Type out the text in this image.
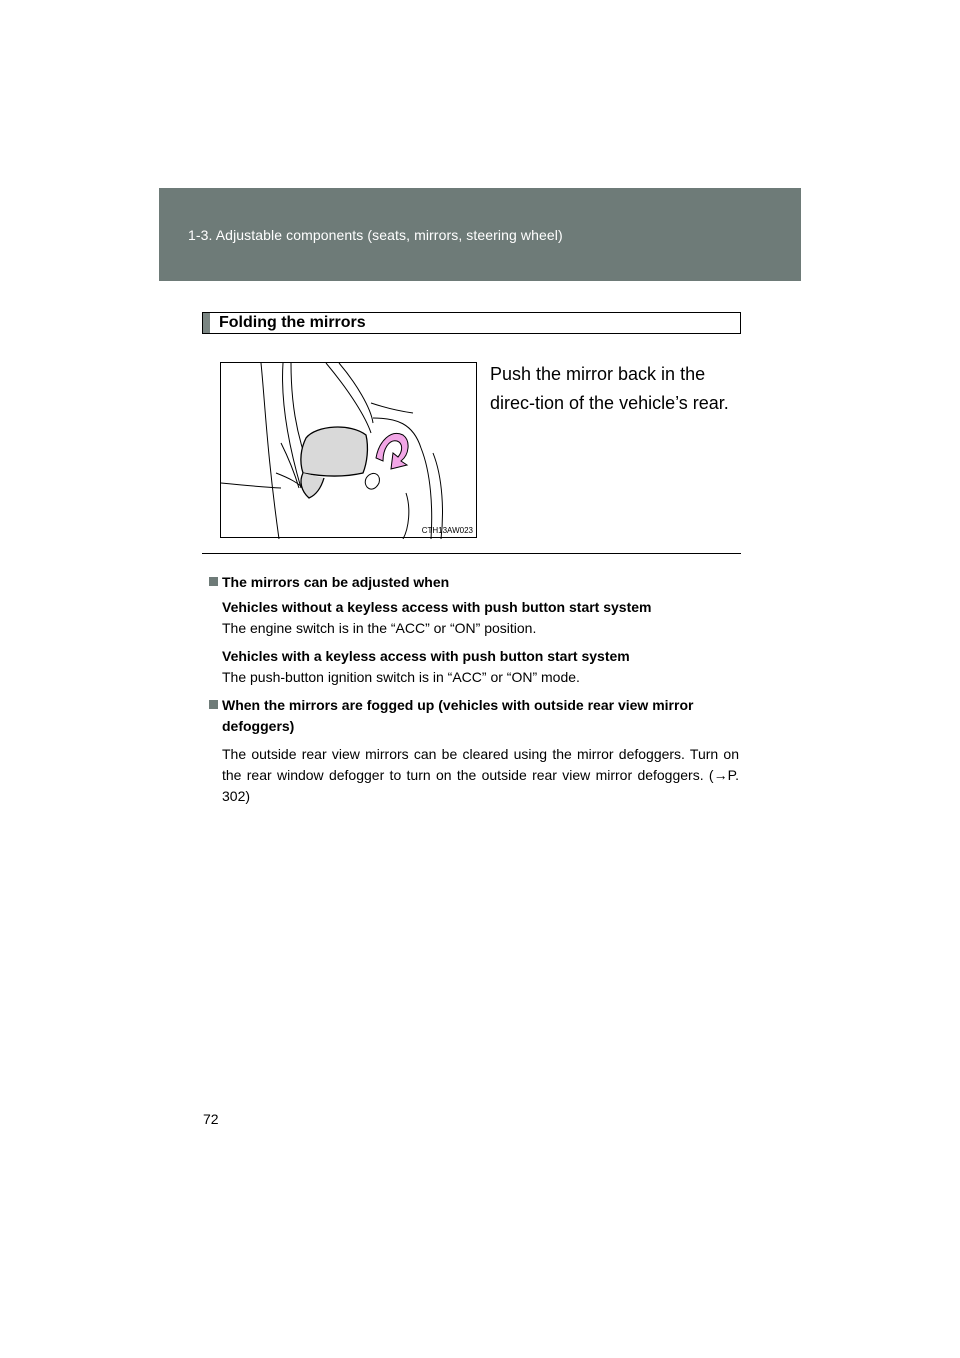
1-3. Adjustable components (seats, mirrors, steering wheel)
Folding the mirrors
CTH13AW023
Push the mirror back in the direc-tion of the vehicle’s rear.
The mirrors can be adjusted when
Vehicles without a keyless access with push button start system
The engine switch is in the “ACC” or “ON” position.
Vehicles with a keyless access with push button start system
The push-button ignition switch is in “ACC” or “ON” mode.
When the mirrors are fogged up (vehicles with outside rear view mirror defoggers)
The outside rear view mirrors can be cleared using the mirror defoggers. Turn on the rear window defogger to turn on the outside rear view mirror defoggers. (→P. 302)
72
